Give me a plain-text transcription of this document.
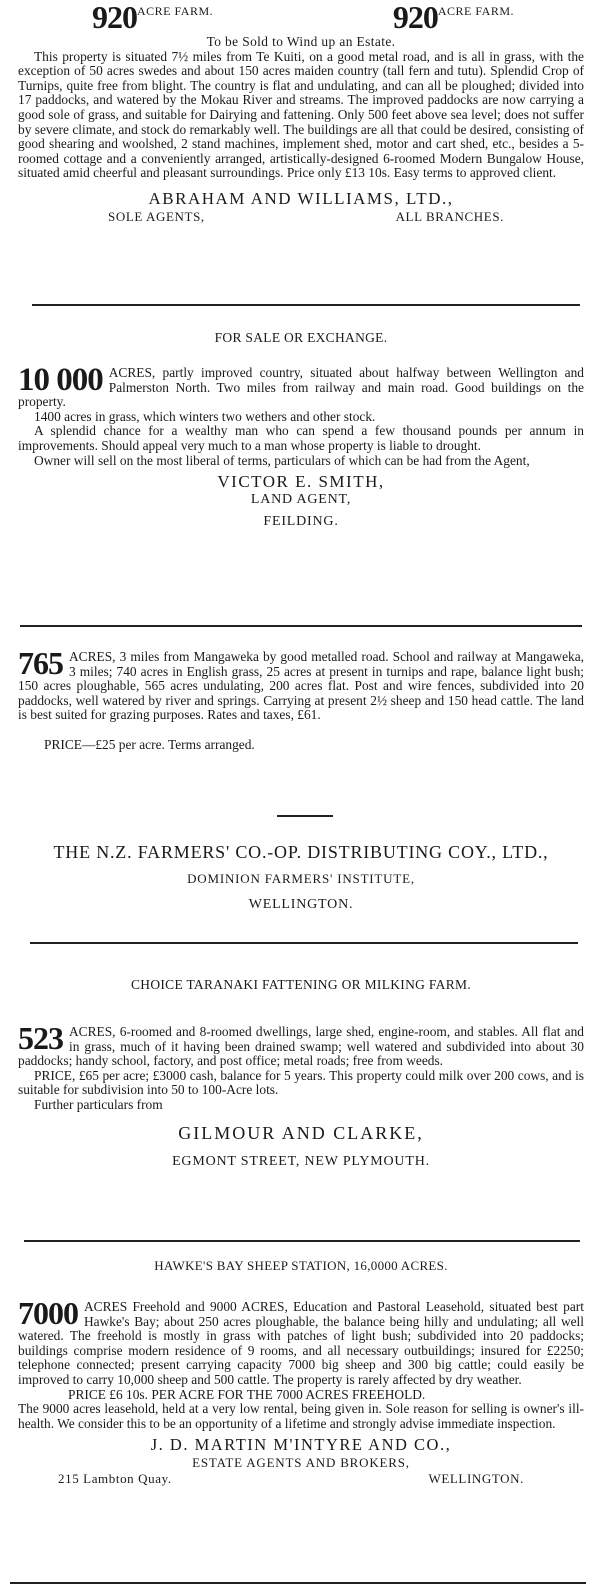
$920^{ACRE FARM.}$	$920^{ACRE FARM.}$

To be Sold to Wind up an Estate.

This property is situated 7½ miles from Te Kuiti, on a good metal road, and is all in grass, with the exception of 50 acres swedes and about 150 acres maiden country (tall fern and tutu). Splendid Crop of Turnips, quite free from blight. The country is flat and undulating, and can all be ploughed; divided into 17 paddocks, and watered by the Mokau River and streams. The improved paddocks are now carrying a good sole of grass, and suitable for Dairying and fattening. Only 500 feet above sea level; does not suffer by severe climate, and stock do remarkably well. The buildings are all that could be desired, consisting of good shearing and woolshed, 2 stand machines, implement shed, motor and cart shed, etc., besides a 5-roomed cottage and a conveniently arranged, artistically-designed 6-roomed Modern Bungalow House, situated amid cheerful and pleasant surroundings. Price only £13 10s. Easy terms to approved client.

ABRAHAM AND WILLIAMS, LTD.,

SOLE AGENTS,	ALL BRANCHES.

FOR SALE OR EXCHANGE.

10 000 ACRES, partly improved country, situated about halfway between Wellington and Palmerston North. Two miles from railway and main road. Good buildings on the property.

1400 acres in grass, which winters two wethers and other stock.

A splendid chance for a wealthy man who can spend a few thousand pounds per annum in improvements. Should appeal very much to a man whose property is liable to drought.

Owner will sell on the most liberal of terms, particulars of which can be had from the Agent,

VICTOR E. SMITH,

LAND AGENT,

FEILDING.

765 ACRES, 3 miles from Mangaweka by good metalled road. School and railway at Mangaweka, 3 miles; 740 acres in English grass, 25 acres at present in turnips and rape, balance light bush; 150 acres ploughable, 565 acres undulating, 200 acres flat. Post and wire fences, subdivided into 20 paddocks, well watered by river and springs. Carrying at present 2½ sheep and 150 head cattle. The land is best suited for grazing purposes. Rates and taxes, £61.

PRICE—£25 per acre. Terms arranged.

THE N.Z. FARMERS' CO.-OP. DISTRIBUTING COY., LTD.,

DOMINION FARMERS' INSTITUTE,

WELLINGTON.

CHOICE TARANAKI FATTENING OR MILKING FARM.

523 ACRES, 6-roomed and 8-roomed dwellings, large shed, engine-room, and stables. All flat and in grass, much of it having been drained swamp; well watered and subdivided into about 30 paddocks; handy school, factory, and post office; metal roads; free from weeds.

PRICE, £65 per acre; £3000 cash, balance for 5 years. This property could milk over 200 cows, and is suitable for subdivision into 50 to 100-Acre lots.

Further particulars from

GILMOUR AND CLARKE,

EGMONT STREET, NEW PLYMOUTH.

HAWKE'S BAY SHEEP STATION, 16,0000 ACRES.

7000 ACRES Freehold and 9000 ACRES, Education and Pastoral Leasehold, situated best part Hawke's Bay; about 250 acres ploughable, the balance being hilly and undulating; all well watered. The freehold is mostly in grass with patches of light bush; subdivided into 20 paddocks; buildings comprise modern residence of 9 rooms, and all necessary outbuildings; insured for £2250; telephone connected; present carrying capacity 7000 big sheep and 300 big cattle; could easily be improved to carry 10,000 sheep and 500 cattle. The property is rarely affected by dry weather.

PRICE £6 10s. PER ACRE FOR THE 7000 ACRES FREEHOLD.

The 9000 acres leasehold, held at a very low rental, being given in. Sole reason for selling is owner's ill-health. We consider this to be an opportunity of a lifetime and strongly advise immediate inspection.

J. D. MARTIN M'INTYRE AND CO.,

ESTATE AGENTS AND BROKERS,

215 Lambton Quay.	WELLINGTON.
